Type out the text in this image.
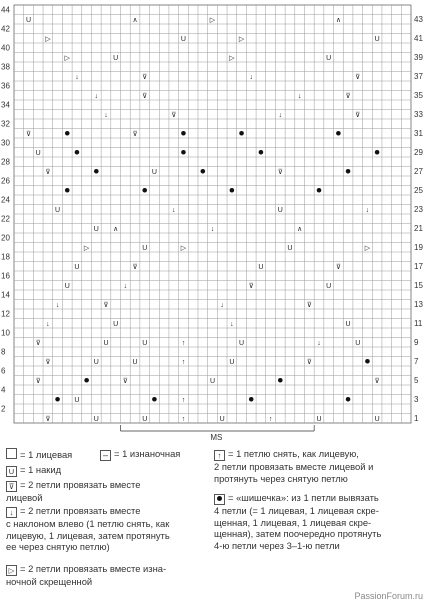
2
4
6
8
10
12
14
16
18
20
22
24
26
28
30
32
34
36
38
40
42
44
1
3
5
7
9
11
13
15
17
19
21
23
25
27
29
31
33
35
37
39
41
43
MS
⊽	U	U	↑	U	↑	U	U
U	↑
⊽	⊽	U	⊽
⊽	U	U	↑	U	⊽
⊽	U	U	↑	U	↓	U
↓	U	↓	U
↓	⊽	↓	⊽
U	↓	⊽	U
U	⊽	U	⊽
▷	U	▷	U	▷
U ∧	↓	∧
U	↓	U	↓
⊽	U	⊽
U
⊽	⊽
↓	⊽	↓	⊽
↓	⊽	↓	⊽
↓	⊽	↓	⊽
▷	U	▷	U
▷	U	▷	U
U	∧	▷	∧
= 1 лицевая	– = 1 изнаночная
U = 1 накид
⊽ = 2 петли провязать вместе
лицевой
↓ = 2 петли провязать вместе
с наклоном влево (1 петлю снять, как
лицевую, 1 лицевая, затем протянуть
ее через снятую петлю)
▷ = 2 петли провязать вместе изна-
ночной скрещенной
↑ = 1 петлю снять, как лицевую,
2 петли провязать вместе лицевой и
протянуть через снятую петлю
= «шишечка»: из 1 петли вывязать
4 петли (= 1 лицевая, 1 лицевая скре-
щенная, 1 лицевая, 1 лицевая скре-
щенная), затем поочередно протянуть
4-ю петли через 3–1-ю петли
PassionForum.ru
